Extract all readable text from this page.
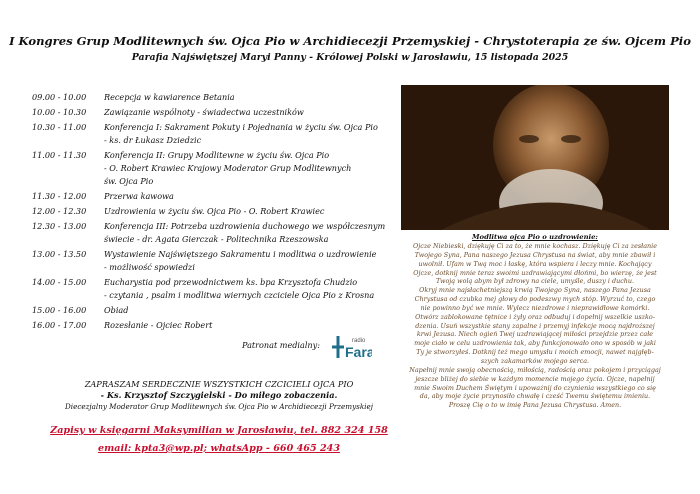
I Kongres Grup Modlitewnych św. Ojca Pio w Archidiecezji Przemyskiej - Chrystoterapia ze św. Ojcem Pio
Parafia Najświętszej Maryi Panny - Królowej Polski w Jarosławiu, 15 listopada 2025
09.00 - 10.00	Recepcja w kawiarence Betania
10.00 - 10.30	Zawiązanie wspólnoty - świadectwa uczestników
10.30 - 11.00	Konferencja I: Sakrament Pokuty i Pojednania w życiu św. Ojca Pio
- ks. dr Łukasz Dziedzic
11.00 - 11.30	Konferencja II: Grupy Modlitewne w życiu św. Ojca Pio
- O. Robert Krawiec Krajowy Moderator Grup Modlitewnych
św. Ojca Pio
11.30 - 12.00	Przerwa kawowa
12.00 - 12.30	Uzdrowienia w życiu św. Ojca Pio - O. Robert Krawiec
12.30 - 13.00	Konferencja III: Potrzeba uzdrowienia duchowego we współczesnym
świecie - dr. Agata Gierczak - Politechnika Rzeszowska
13.00 - 13.50	Wystawienie Najświętszego Sakramentu i modlitwa o uzdrowienie
- możliwość spowiedzi
14.00 - 15.00	Eucharystia pod przewodnictwem ks. bpa Krzysztofa Chudzio
- czytania , psalm i modlitwa wiernych czciciele Ojca Pio z Krosna
15.00 - 16.00	Obiad
16.00 - 17.00	Rozesłanie - Ojciec Robert
Patronat medialny:	radio
Fara
ZAPRASZAM SERDECZNIE WSZYSTKICH CZCICIELI OJCA PIO
- Ks. Krzysztof Szczygielski - Do miłego zobaczenia.
Diecezjalny Moderator Grup Modlitewnych św. Ojca Pio w Archidiecezji Przemyskiej
Zapisy w księgarni Maksymilian w Jarosławiu, tel. 882 324 158
email: kpta3@wp.pl; whatsApp - 660 465 243
Modlitwa ojca Pio o uzdrowienie:
Ojcze Niebieski, dziękuję Ci za to, że mnie kochasz. Dziękuję Ci za zesłanie
Twojego Syna, Pana naszego Jezusa Chrystusa na świat, aby mnie zbawił i
uwolnił. Ufam w Twą moc i łaskę, która wspiera i leczy mnie. Kochający
Ojcze, dotknij mnie teraz swoimi uzdrawiającymi dłońmi, bo wierzę, że jest
Twoją wolą abym był zdrowy na ciele, umyśle, duszy i duchu.
Okryj mnie najsłachetniejszą krwią Twojego Syna, naszego Pana Jezusa
Chrystusa od czubka mej głowy do podeszwy mych stóp. Wyrzuć to, czego
nie powinno być we mnie. Wylecz niezdrowe i nieprawidłowe komórki.
Otwórz zablokowane tętnice i żyły oraz odbuduj i dopełnij wszelkie uszko-
dzenia. Usuń wszystkie stany zapalne i przemyj infekcje mocą najdroższej
krwi Jezusa. Niech ogień Twej uzdrawiającej miłości przejdzie przez całe
moje ciało w celu uzdrowienia tak, aby funkcjonowało ono w sposób w jaki
Ty je stworzyłeś. Dotknij też mego umysłu i moich emocji, nawet najgłęb-
szych zakamarków mojego serca.
Napełnij mnie swoją obecnością, miłością, radością oraz pokojem i przyciągaj
jeszcze bliżej do siebie w każdym momencie mojego życia. Ojcze, napełnij
mnie Swoim Duchem Świętym i upoważnij do czynienia wszystkiego co się
da, aby moje życie przynosiło chwałę i cześć Twemu świętemu imieniu.
Proszę Cię o to w imię Pana Jezusa Chrystusa. Amen.
